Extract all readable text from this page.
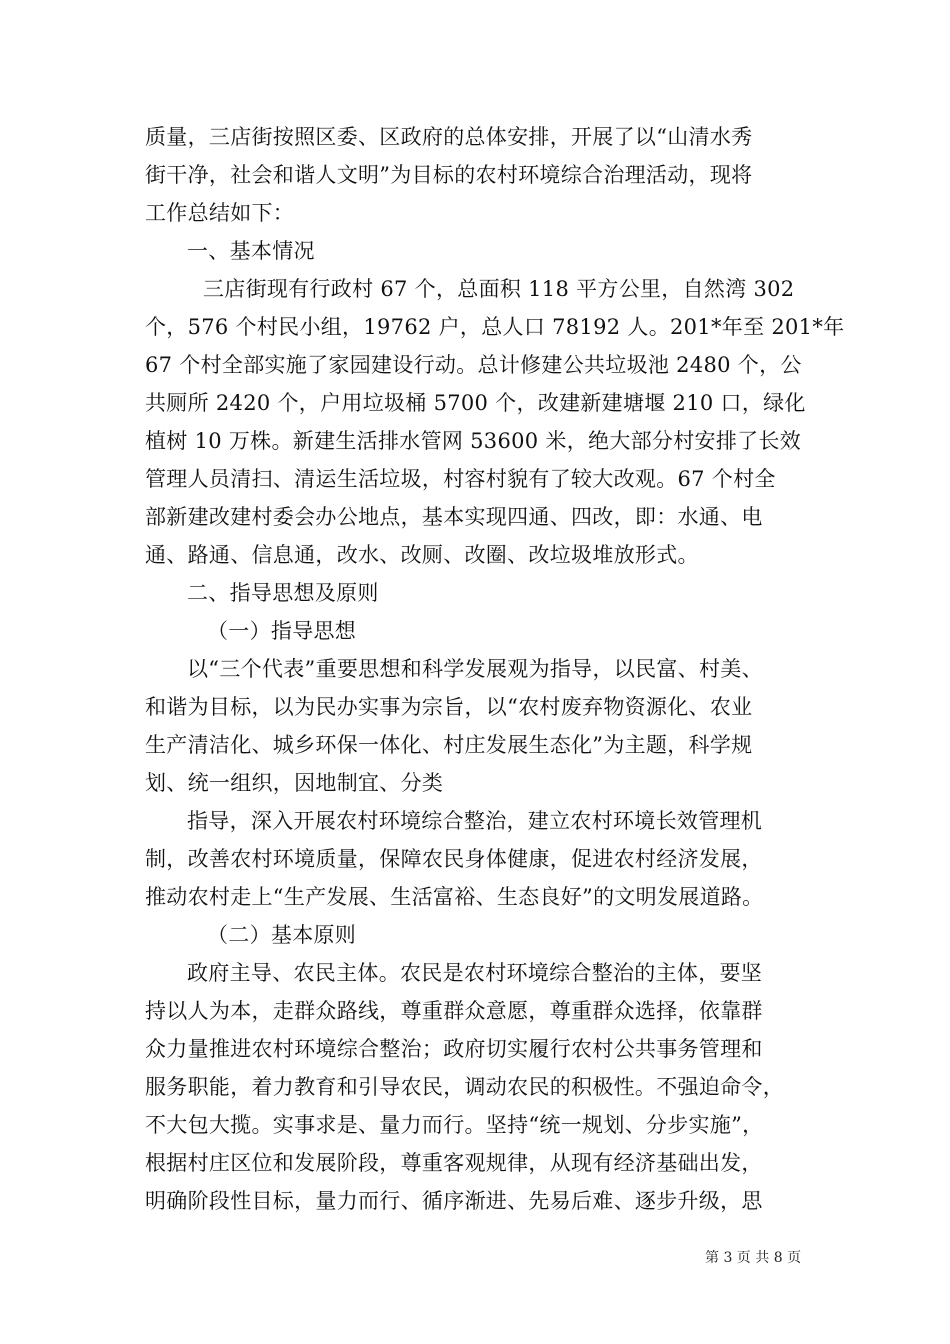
质量，三店街按照区委、区政府的总体安排，开展了以“山清水秀
街干净，社会和谐人文明”为目标的农村环境综合治理活动，现将
工作总结如下：
一、基本情况
三店街现有行政村 67 个，总面积 118 平方公里，自然湾 302
个，576 个村民小组，19762 户，总人口 78192 人。201*年至 201*年
67 个村全部实施了家园建设行动。总计修建公共垃圾池 2480 个，公
共厕所 2420 个，户用垃圾桶 5700 个，改建新建塘堰 210 口，绿化
植树 10 万株。新建生活排水管网 53600 米，绝大部分村安排了长效
管理人员清扫、清运生活垃圾，村容村貌有了较大改观。67 个村全
部新建改建村委会办公地点，基本实现四通、四改，即：水通、电
通、路通、信息通，改水、改厕、改圈、改垃圾堆放形式。
二、指导思想及原则
（一）指导思想
以“三个代表”重要思想和科学发展观为指导，以民富、村美、
和谐为目标，以为民办实事为宗旨，以“农村废弃物资源化、农业
生产清洁化、城乡环保一体化、村庄发展生态化”为主题，科学规
划、统一组织，因地制宜、分类
指导，深入开展农村环境综合整治，建立农村环境长效管理机
制，改善农村环境质量，保障农民身体健康，促进农村经济发展，
推动农村走上“生产发展、生活富裕、生态良好”的文明发展道路。
（二）基本原则
政府主导、农民主体。农民是农村环境综合整治的主体，要坚
持以人为本，走群众路线，尊重群众意愿，尊重群众选择，依靠群
众力量推进农村环境综合整治；政府切实履行农村公共事务管理和
服务职能，着力教育和引导农民，调动农民的积极性。不强迫命令，
不大包大揽。实事求是、量力而行。坚持“统一规划、分步实施”，
根据村庄区位和发展阶段，尊重客观规律，从现有经济基础出发，
明确阶段性目标，量力而行、循序渐进、先易后难、逐步升级，思
第 3 页 共 8 页
